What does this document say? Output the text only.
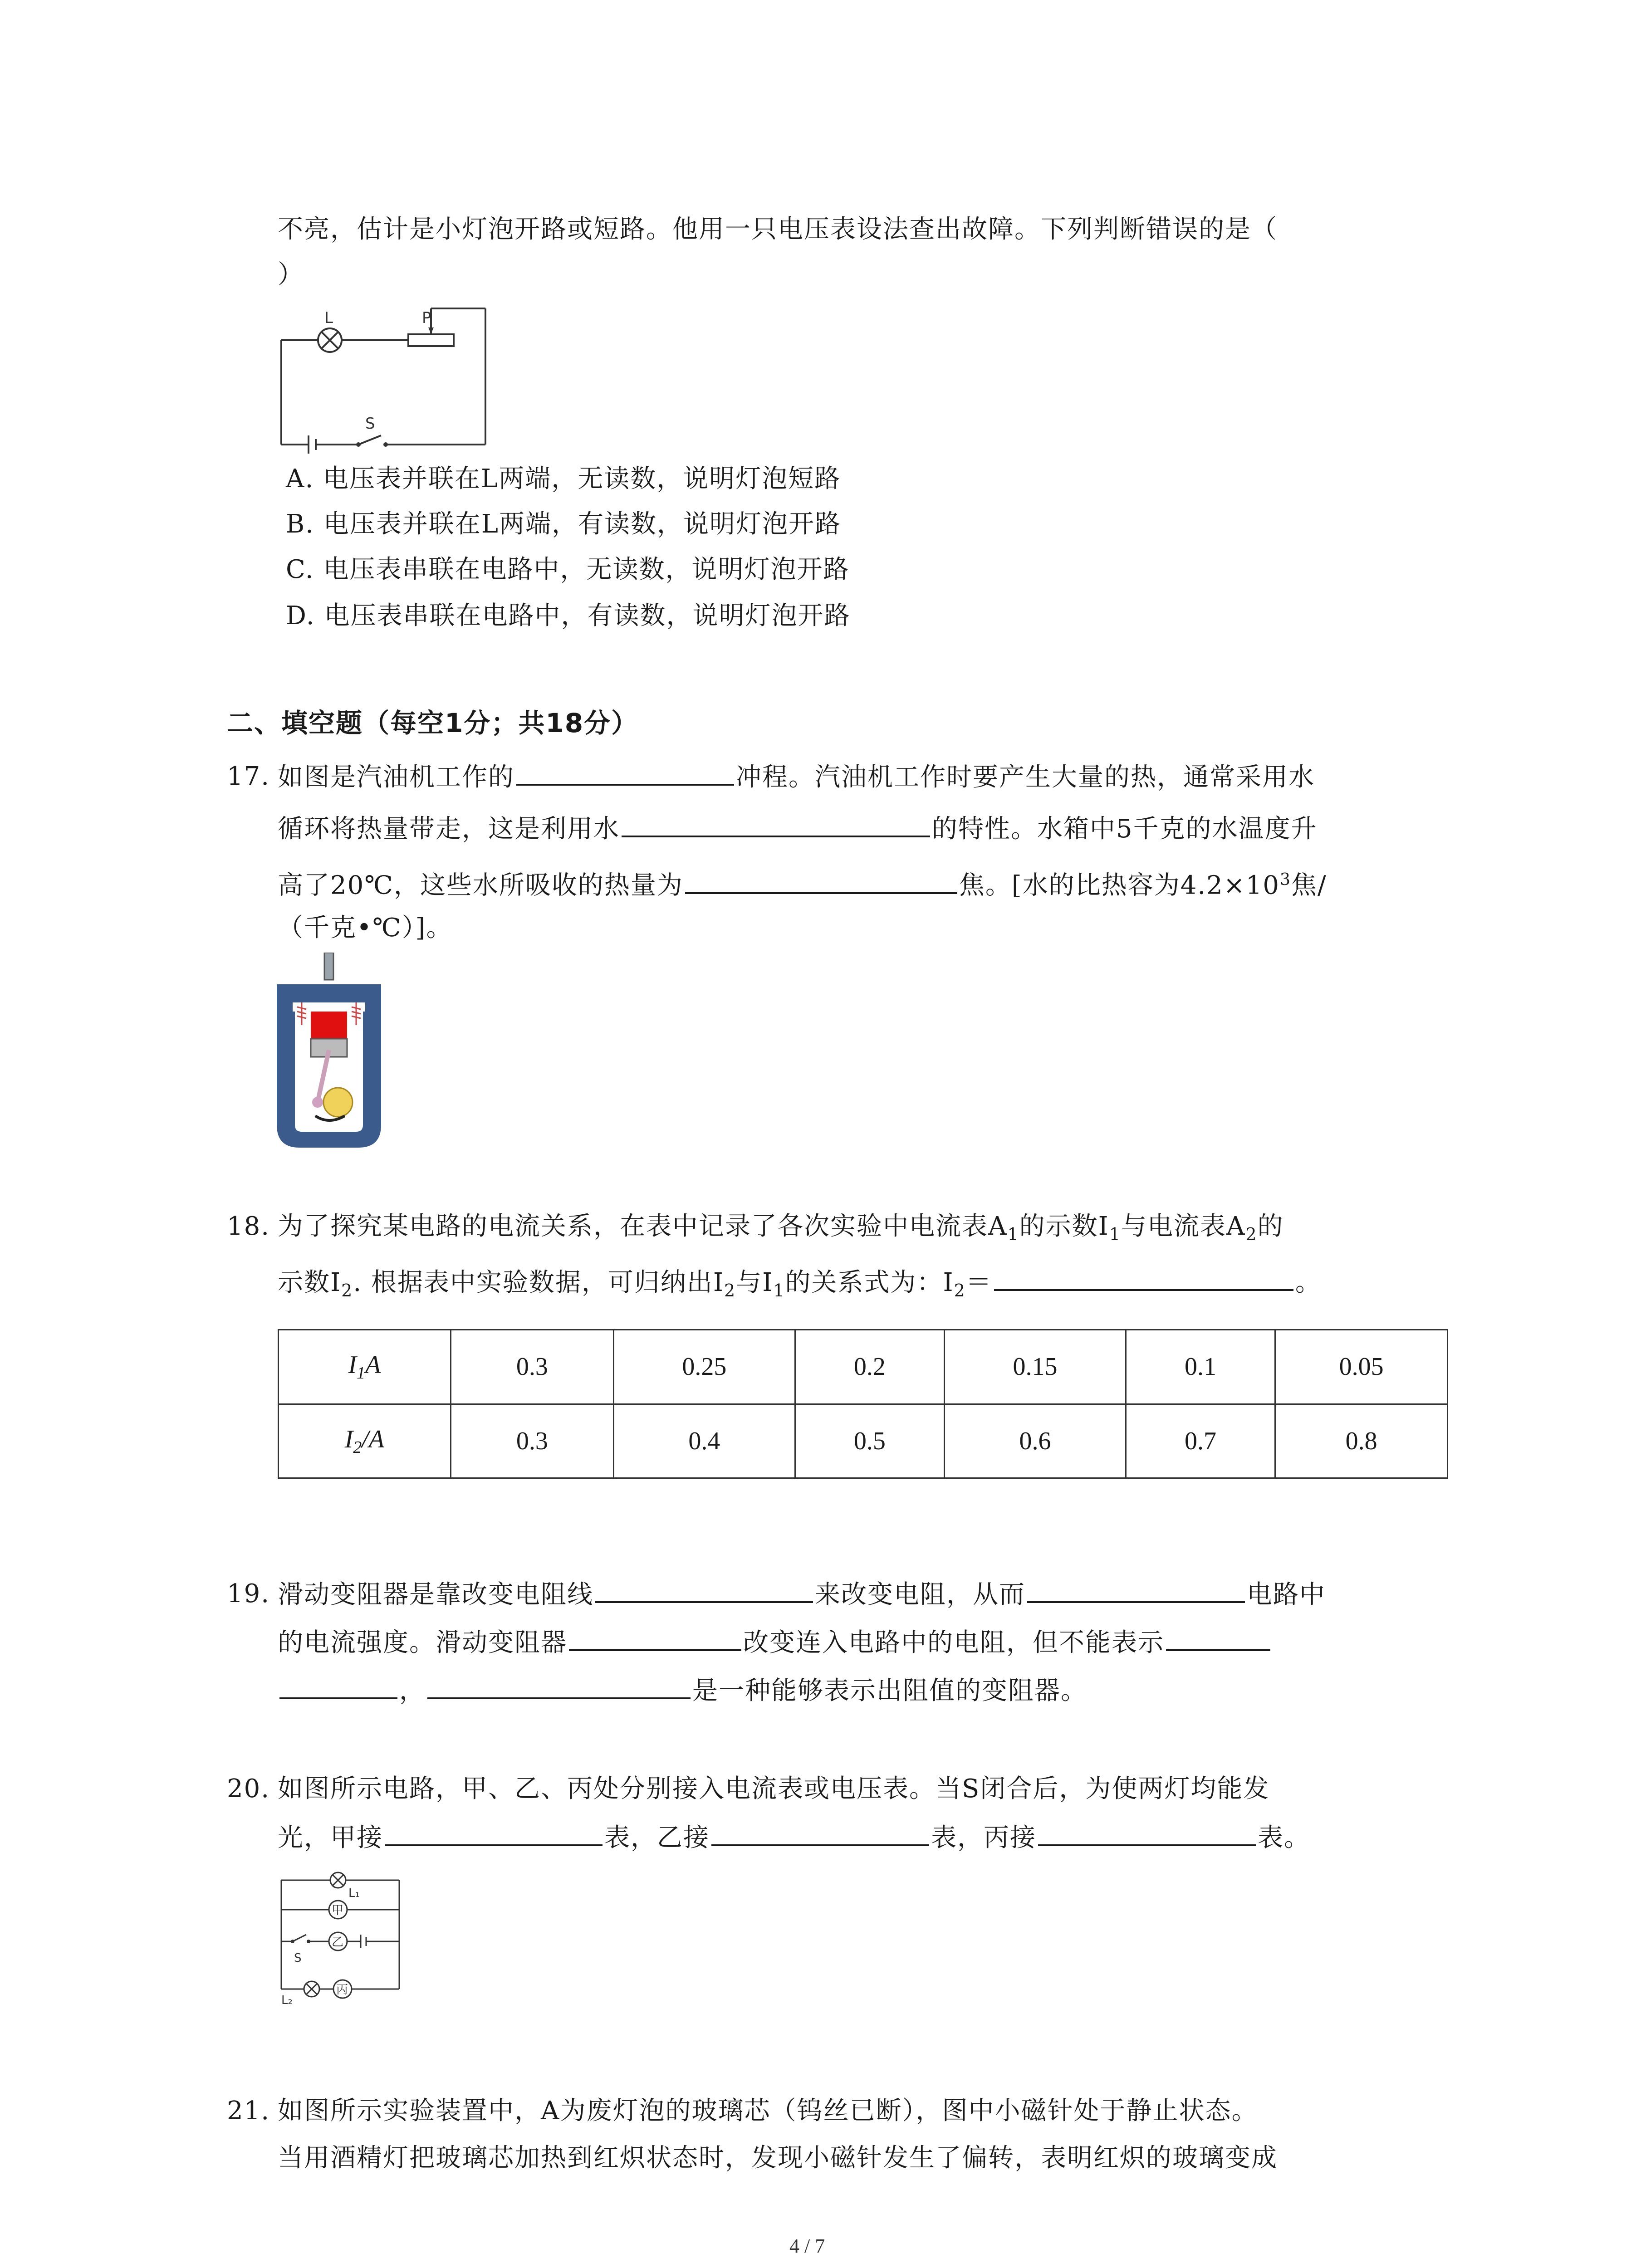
不亮，估计是小灯泡开路或短路。他用一只电压表设法查出故障。下列判断错误的是（
）
L	P
S
A. 电压表并联在L两端，无读数，说明灯泡短路
B. 电压表并联在L两端，有读数，说明灯泡开路
C. 电压表串联在电路中，无读数，说明灯泡开路
D. 电压表串联在电路中，有读数，说明灯泡开路
二、填空题（每空1分；共18分）
17. 如图是汽油机工作的	冲程。汽油机工作时要产生大量的热，通常采用水
循环将热量带走，这是利用水	的特性。水箱中5千克的水温度升
高了20℃，这些水所吸收的热量为	焦。[水的比热容为$4.2\times 10^3$焦/
（千克•℃）]。
18. 为了探究某电路的电流关系，在表中记录了各次实验中电流表$A_1$的示数$I_1$与电流表$A_2$的
示数$I_2$. 根据表中实验数据，可归纳出$I_2$与$I_1$的关系式为：$I_2=$	。
$I_1A$	0.3	0.25	0.2	0.15	0.1	0.05
$I_2/A$	0.3	0.4	0.5	0.6	0.7	0.8
19. 滑动变阻器是靠改变电阻线	来改变电阻，从而	电路中
的电流强度。滑动变阻器	改变连入电路中的电阻，但不能表示
，	是一种能够表示出阻值的变阻器。
20. 如图所示电路，甲、乙、丙处分别接入电流表或电压表。当S闭合后，为使两灯均能发
光，甲接	表，乙接	表，丙接	表。
L₁
甲
乙
丙
S
L₂
21. 如图所示实验装置中，A为废灯泡的玻璃芯（钨丝已断），图中小磁针处于静止状态。
当用酒精灯把玻璃芯加热到红炽状态时，发现小磁针发生了偏转，表明红炽的玻璃变成
4 / 7
